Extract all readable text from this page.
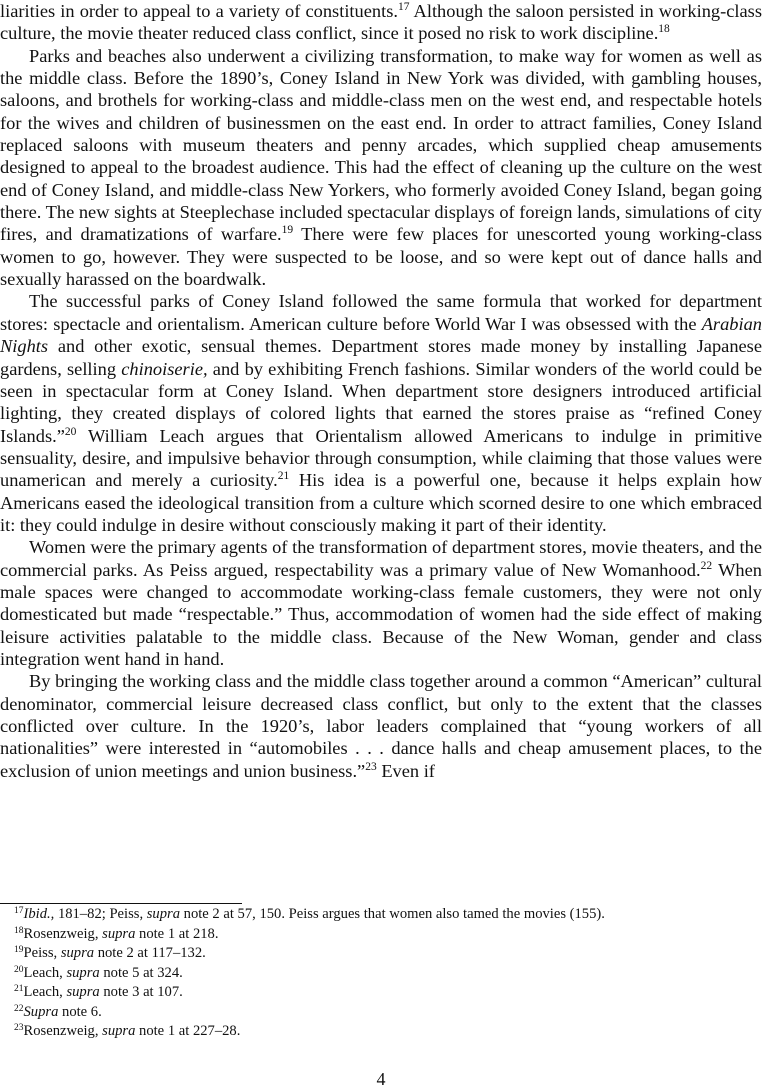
liarities in order to appeal to a variety of constituents.$^{17}$ Although the saloon persisted in working-class culture, the movie theater reduced class conflict, since it posed no risk to work discipline.$^{18}$

Parks and beaches also underwent a civilizing transformation, to make way for women as well as the middle class. Before the 1890’s, Coney Island in New York was divided, with gambling houses, saloons, and brothels for working-class and middle-class men on the west end, and respectable hotels for the wives and children of businessmen on the east end. In order to attract families, Coney Island replaced saloons with museum theaters and penny arcades, which supplied cheap amusements designed to appeal to the broadest audience. This had the effect of cleaning up the culture on the west end of Coney Island, and middle-class New Yorkers, who formerly avoided Coney Island, began going there. The new sights at Steeplechase included spectacular displays of foreign lands, simulations of city fires, and dramatizations of warfare.$^{19}$ There were few places for unescorted young working-class women to go, however. They were suspected to be loose, and so were kept out of dance halls and sexually harassed on the boardwalk.

The successful parks of Coney Island followed the same formula that worked for department stores: spectacle and orientalism. American culture before World War I was obsessed with the Arabian Nights and other exotic, sensual themes. Department stores made money by installing Japanese gardens, selling chinoiserie, and by exhibiting French fashions. Similar wonders of the world could be seen in spectacular form at Coney Island. When department store designers introduced artificial lighting, they created displays of colored lights that earned the stores praise as “refined Coney Islands.”$^{20}$ William Leach argues that Orientalism allowed Americans to indulge in primitive sensuality, desire, and impulsive behavior through consumption, while claiming that those values were unamerican and merely a curiosity.$^{21}$ His idea is a powerful one, because it helps explain how Americans eased the ideological transition from a culture which scorned desire to one which embraced it: they could indulge in desire without consciously making it part of their identity.

Women were the primary agents of the transformation of department stores, movie theaters, and the commercial parks. As Peiss argued, respectability was a primary value of New Womanhood.$^{22}$ When male spaces were changed to accommodate working-class female customers, they were not only domesticated but made “respectable.” Thus, accommodation of women had the side effect of making leisure activities palatable to the middle class. Because of the New Woman, gender and class integration went hand in hand.

By bringing the working class and the middle class together around a common “American” cultural denominator, commercial leisure decreased class conflict, but only to the extent that the classes conflicted over culture. In the 1920’s, labor leaders complained that “young workers of all nationalities” were interested in “automobiles . . . dance halls and cheap amusement places, to the exclusion of union meetings and union business.”$^{23}$ Even if

$^{17}$Ibid., 181–82; Peiss, supra note 2 at 57, 150. Peiss argues that women also tamed the movies (155).

$^{18}$Rosenzweig, supra note 1 at 218.

$^{19}$Peiss, supra note 2 at 117–132.

$^{20}$Leach, supra note 5 at 324.

$^{21}$Leach, supra note 3 at 107.

$^{22}$Supra note 6.

$^{23}$Rosenzweig, supra note 1 at 227–28.

4
